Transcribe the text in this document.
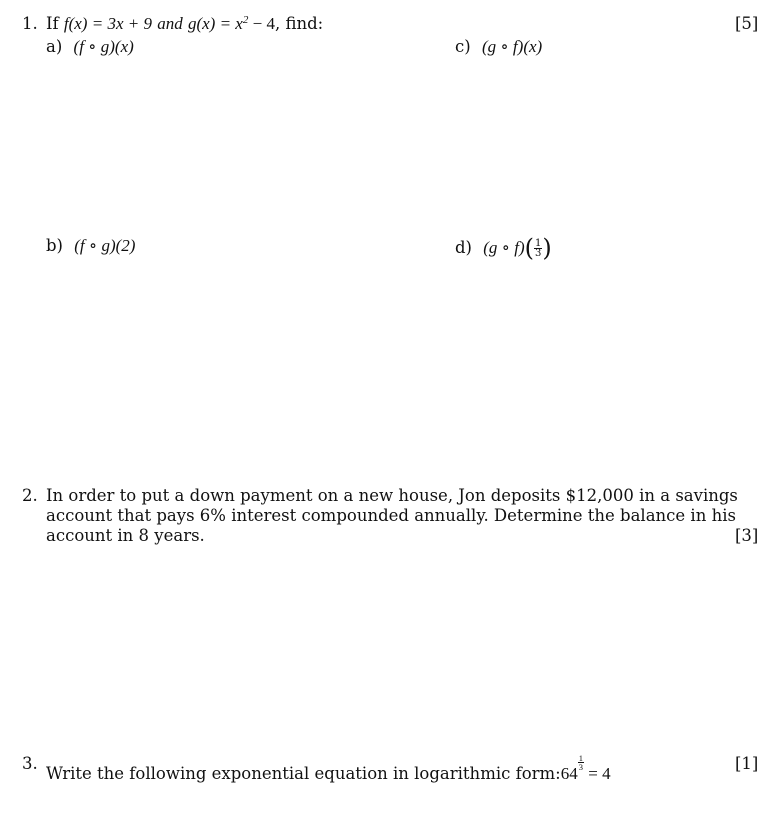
1. If f(x) = 3x + 9 and $g(x) = x^2 - 4$, find:	[5]
a) (f ∘ g)(x)	c) (g ∘ f)(x)
b) (f ∘ g)(2)	d) (g ∘ $f)( \frac{1}{3}$ )
2. In order to put a down payment on a new house, Jon deposits $12,000 in a savings
account that pays 6% interest compounded annually. Determine the balance in his
account in 8 years.	[3]
3.
Write the following exponential equation in logarithmic form:64
$\frac{1}{3}$
= 4
[1]
